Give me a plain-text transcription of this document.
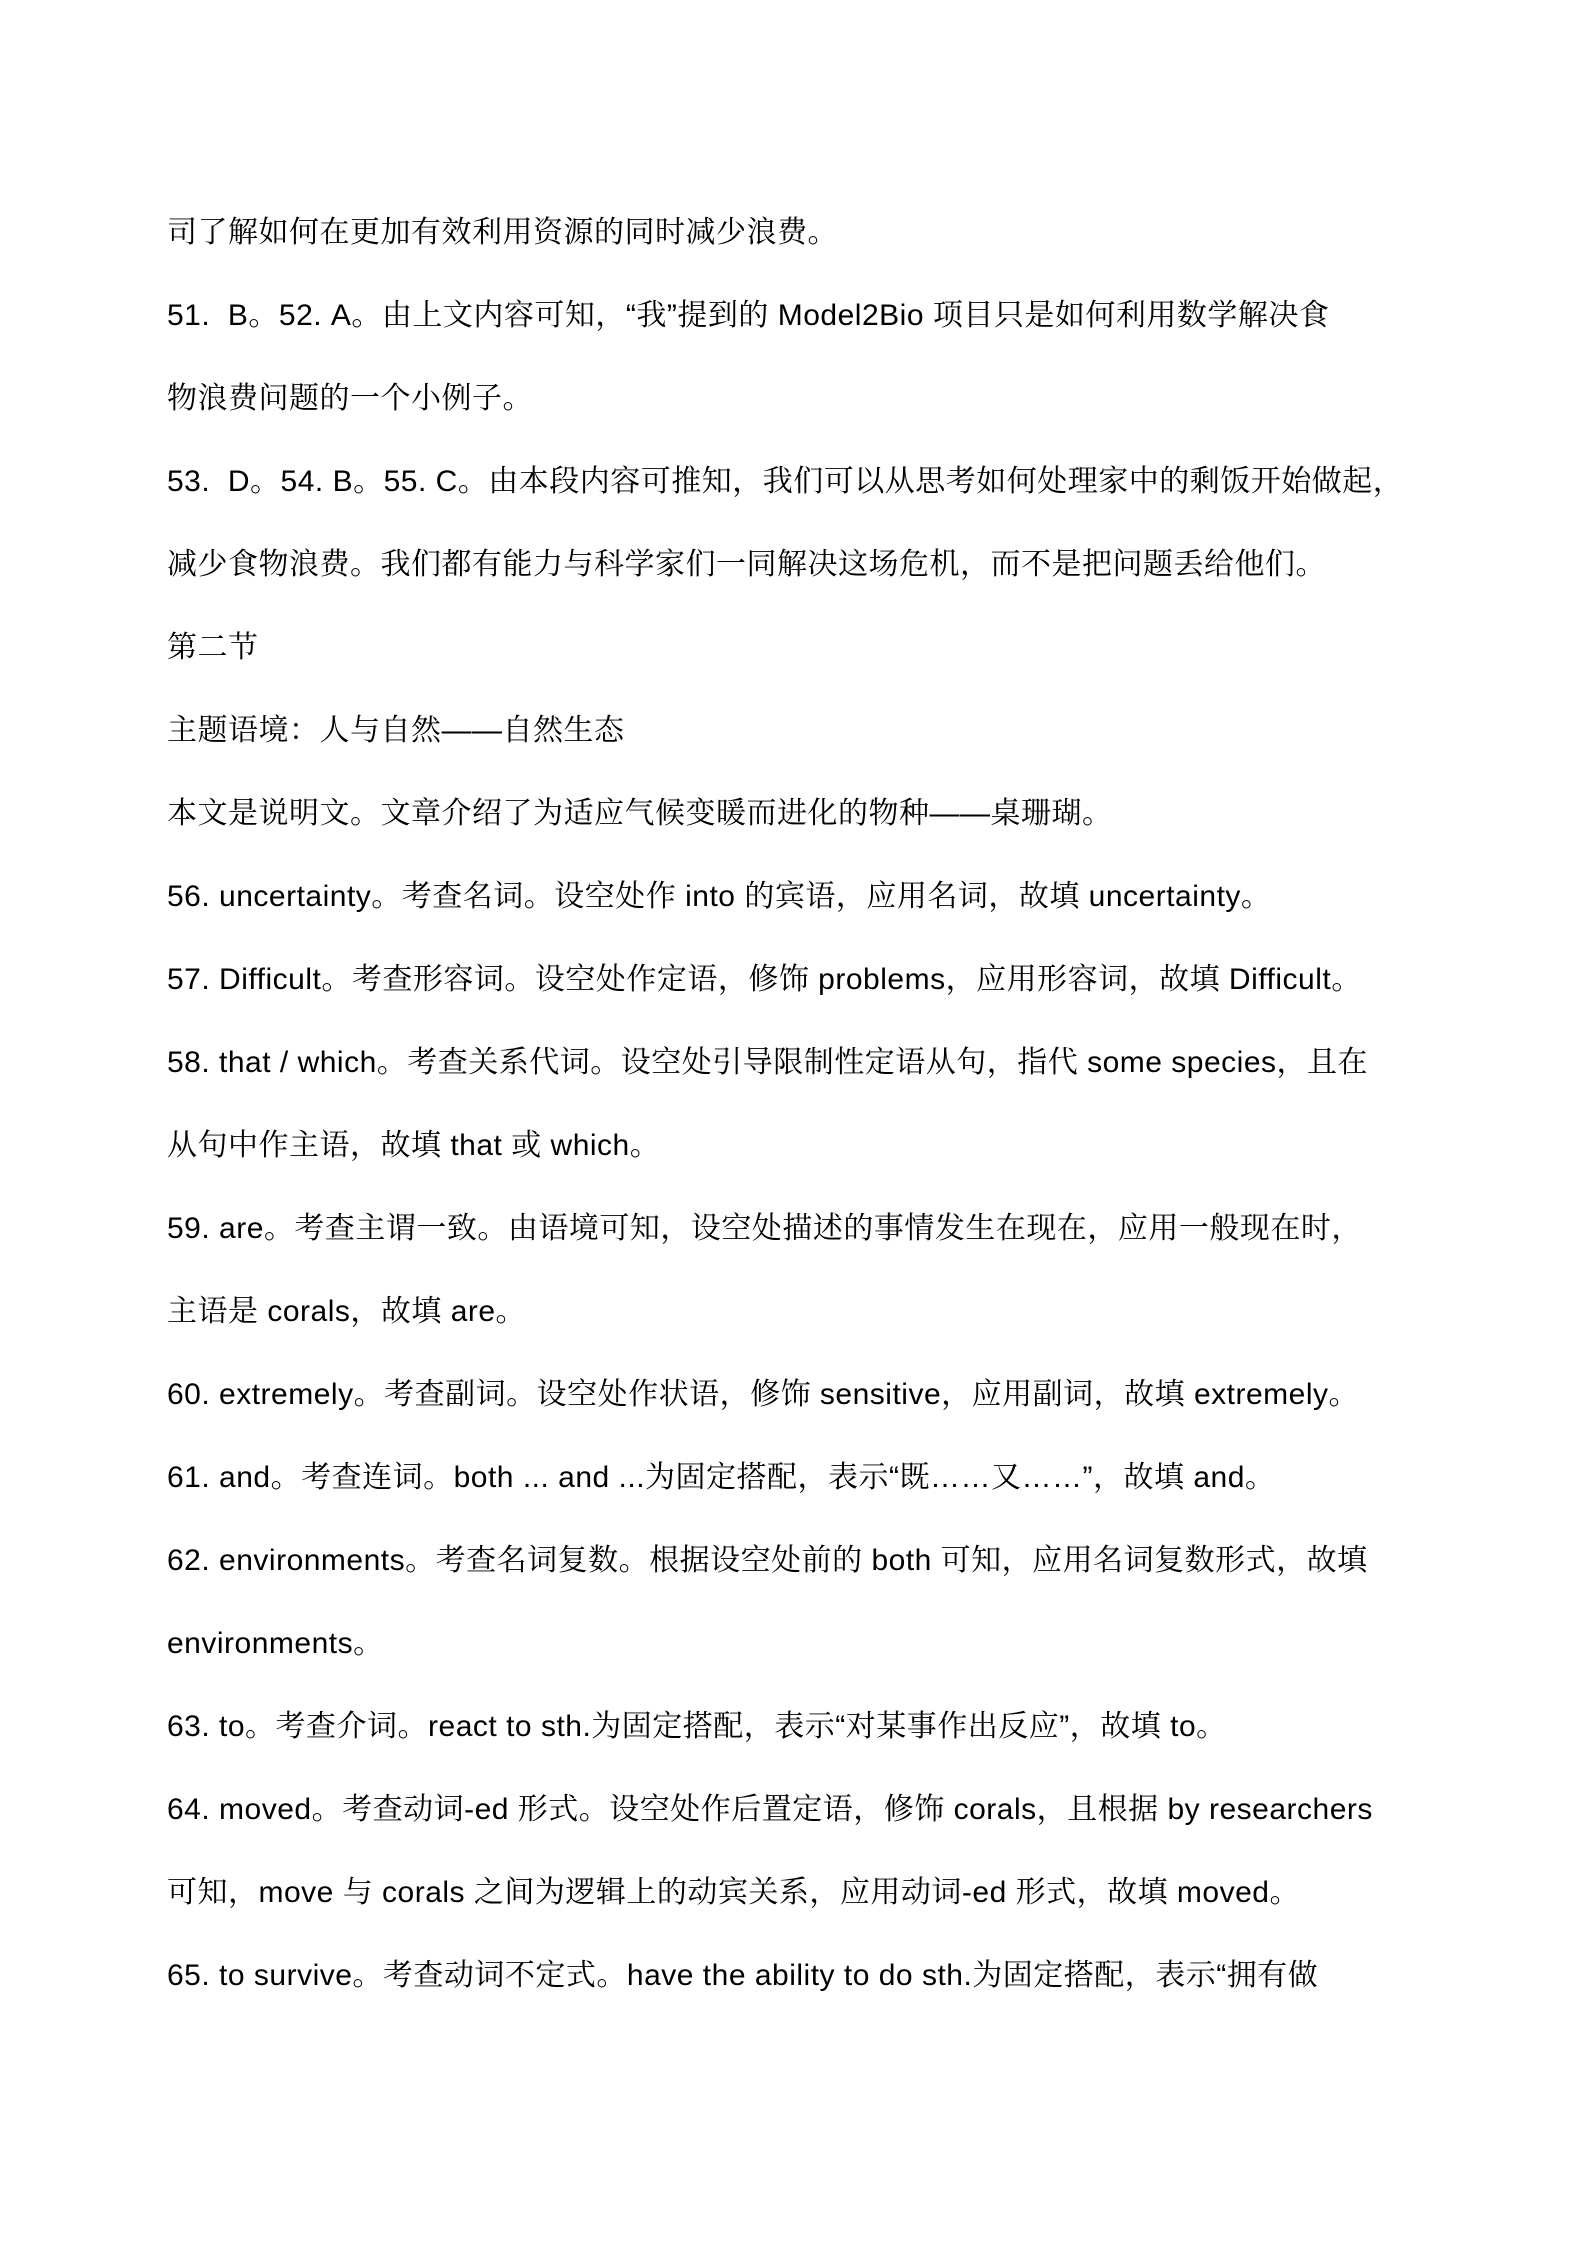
司了解如何在更加有效利用资源的同时减少浪费。

51.  B。52. A。由上文内容可知，“我”提到的 Model2Bio 项目只是如何利用数学解决食

物浪费问题的一个小例子。

53.  D。54. B。55. C。由本段内容可推知，我们可以从思考如何处理家中的剩饭开始做起，

减少食物浪费。我们都有能力与科学家们一同解决这场危机，而不是把问题丢给他们。

第二节

主题语境：人与自然——自然生态

本文是说明文。文章介绍了为适应气候变暖而进化的物种——桌珊瑚。

56. uncertainty。考查名词。设空处作 into 的宾语，应用名词，故填 uncertainty。

57. Difficult。考查形容词。设空处作定语，修饰 problems，应用形容词，故填 Difficult。

58. that / which。考查关系代词。设空处引导限制性定语从句，指代 some species，且在

从句中作主语，故填 that 或 which。

59. are。考查主谓一致。由语境可知，设空处描述的事情发生在现在，应用一般现在时，

主语是 corals，故填 are。

60. extremely。考查副词。设空处作状语，修饰 sensitive，应用副词，故填 extremely。

61. and。考查连词。both ... and ...为固定搭配，表示“既……又……”，故填 and。

62. environments。考查名词复数。根据设空处前的 both 可知，应用名词复数形式，故填

environments。

63. to。考查介词。react to sth.为固定搭配，表示“对某事作出反应”，故填 to。

64. moved。考查动词-ed 形式。设空处作后置定语，修饰 corals，且根据 by researchers

可知，move 与 corals 之间为逻辑上的动宾关系，应用动词-ed 形式，故填 moved。

65. to survive。考查动词不定式。have the ability to do sth.为固定搭配，表示“拥有做
